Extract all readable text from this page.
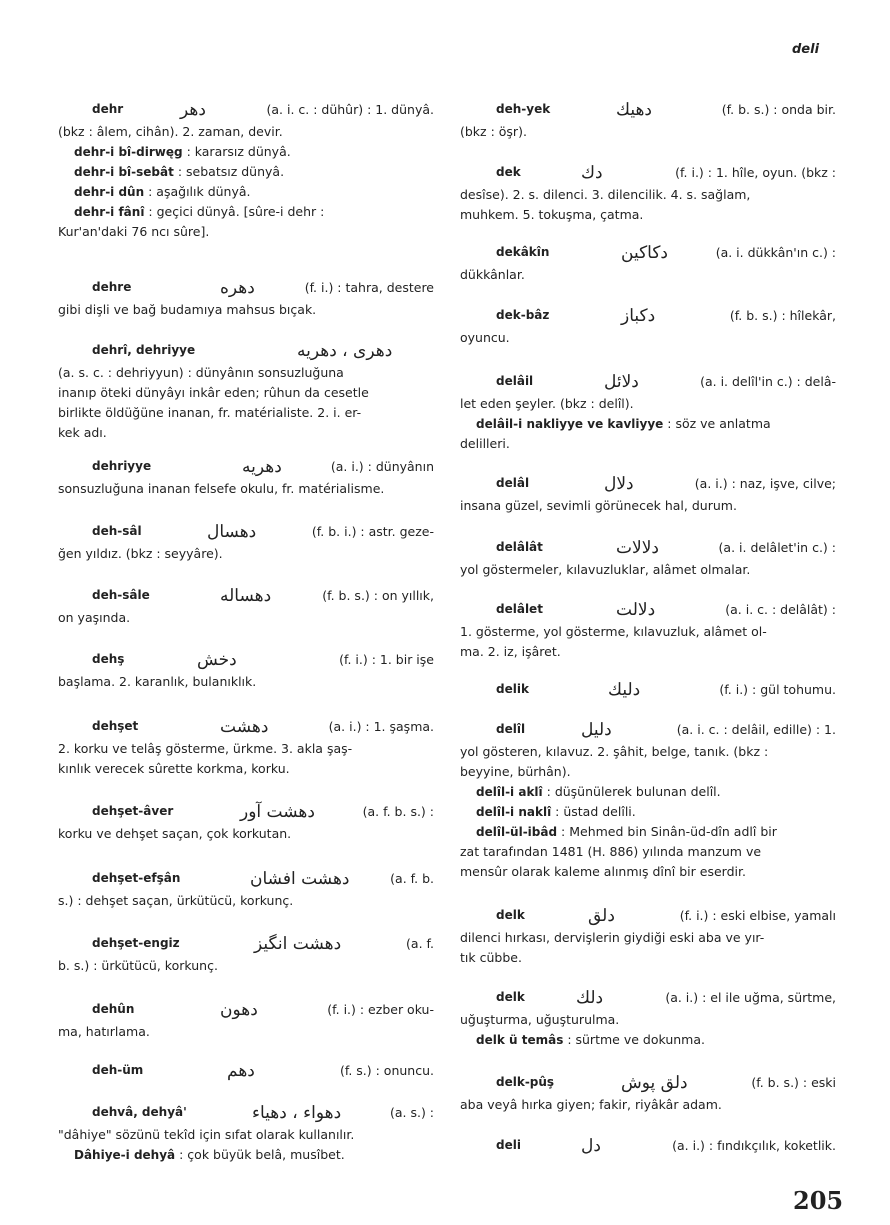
deli
dehr	دهر	(a. i. c. : dühûr) : 1. dünyâ.
(bkz : âlem, cihân). 2. zaman, devir.
dehr-i bî-dirwęg : kararsız dünyâ.
dehr-i bî-sebât : sebatsız dünyâ.
dehr-i dûn : aşağılık dünyâ.
dehr-i fânî : geçici dünyâ. [sûre-i dehr :
Kur'an'daki 76 ncı sûre].
dehre	دهره	(f. i.) : tahra, destere
gibi dişli ve bağ budamıya mahsus bıçak.
dehrî, dehriyye	دهرى ، دهريه
(a. s. c. : dehriyyun) : dünyânın sonsuzluğuna
inanıp öteki dünyâyı inkâr eden; rûhun da cesetle
birlikte öldüğüne inanan, fr. matérialiste. 2. i. er-
kek adı.
dehriyye	دهريه	(a. i.) : dünyânın
sonsuzluğuna inanan felsefe okulu, fr. matérialisme.
deh-sâl	دهسال	(f. b. i.) : astr. geze-
ğen yıldız. (bkz : seyyâre).
deh-sâle	دهساله	(f. b. s.) : on yıllık,
on yaşında.
dehş	دخش	(f. i.) : 1. bir işe
başlama. 2. karanlık, bulanıklık.
dehşet	دهشت	(a. i.) : 1. şaşma.
2. korku ve telâş gösterme, ürkme. 3. akla şaş-
kınlık verecek sûrette korkma, korku.
dehşet-âver	دهشت آور	(a. f. b. s.) :
korku ve dehşet saçan, çok korkutan.
dehşet-efşân	دهشت افشان	(a. f. b.
s.) : dehşet saçan, ürkütücü, korkunç.
dehşet-engiz	دهشت انگيز	(a. f.
b. s.) : ürkütücü, korkunç.
dehûn	دهون	(f. i.) : ezber oku-
ma, hatırlama.
deh-üm	دهم	(f. s.) : onuncu.
dehvâ, dehyâ'	دهواء ، دهياء	(a. s.) :
"dâhiye" sözünü tekîd için sıfat olarak kullanılır.
Dâhiye-i dehyâ : çok büyük belâ, musîbet.
deh-yek	دهيك	(f. b. s.) : onda bir.
(bkz : öşr).
dek	دك	(f. i.) : 1. hîle, oyun. (bkz :
desîse). 2. s. dilenci. 3. dilencilik. 4. s. sağlam,
muhkem. 5. tokuşma, çatma.
dekâkîn	دكاكين	(a. i. dükkân'ın c.) :
dükkânlar.
dek-bâz	دكباز	(f. b. s.) : hîlekâr,
oyuncu.
delâil	دلائل	(a. i. delîl'in c.) : delâ-
let eden şeyler. (bkz : delîl).
delâil-i nakliyye ve kavliyye : söz ve anlatma
delilleri.
delâl	دلال	(a. i.) : naz, işve, cilve;
insana güzel, sevimli görünecek hal, durum.
delâlât	دلالات	(a. i. delâlet'in c.) :
yol göstermeler, kılavuzluklar, alâmet olmalar.
delâlet	دلالت	(a. i. c. : delâlât) :
1. gösterme, yol gösterme, kılavuzluk, alâmet ol-
ma. 2. iz, işâret.
delik	دليك	(f. i.) : gül tohumu.
delîl	دليل	(a. i. c. : delâil, edille) : 1.
yol gösteren, kılavuz. 2. şâhit, belge, tanık. (bkz :
beyyine, bürhân).
delîl-i aklî : düşünülerek bulunan delîl.
delîl-i naklî : üstad delîli.
delîl-ül-ibâd : Mehmed bin Sinân-üd-dîn adlî bir
zat tarafından 1481 (H. 886) yılında manzum ve
mensûr olarak kaleme alınmış dînî bir eserdir.
delk	دلق	(f. i.) : eski elbise, yamalı
dilenci hırkası, dervişlerin giydiği eski aba ve yır-
tık cübbe.
delk	دلك	(a. i.) : el ile uğma, sürtme,
uğuşturma, uğuşturulma.
delk ü temâs : sürtme ve dokunma.
delk-pûş	دلق پوش	(f. b. s.) : eski
aba veyâ hırka giyen; fakir, riyâkâr adam.
deli	دل	(a. i.) : fındıkçılık, koketlik.
205
